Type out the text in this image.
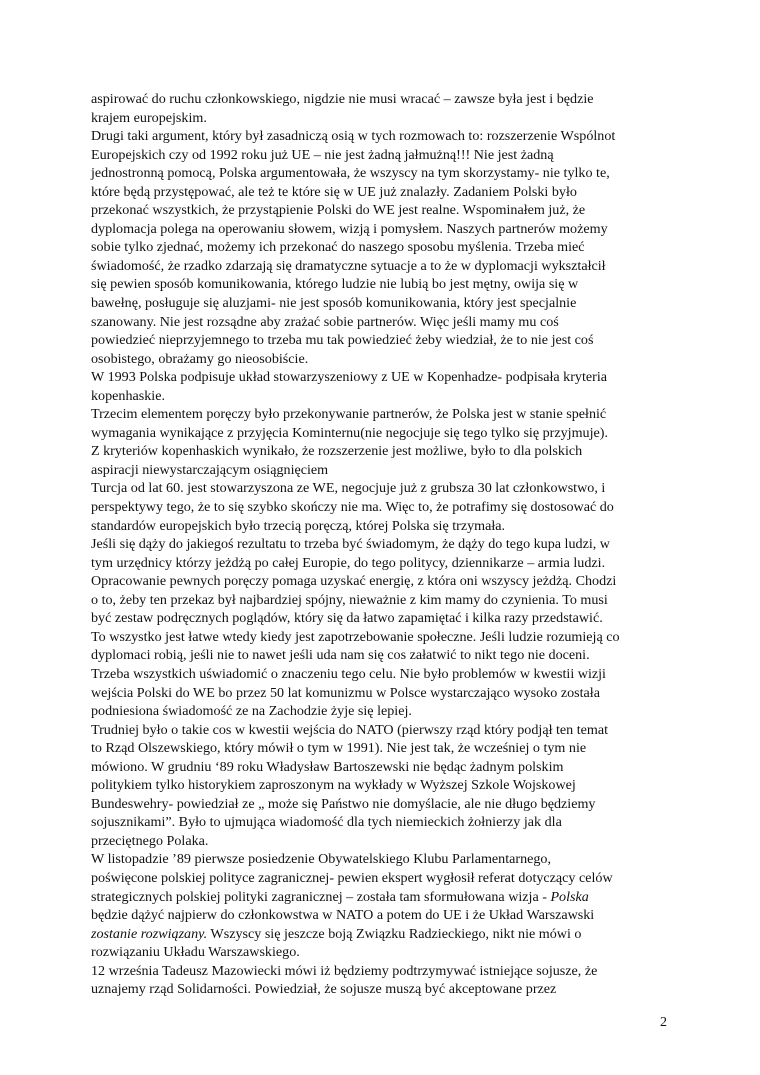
aspirować do ruchu członkowskiego, nigdzie nie musi wracać – zawsze była jest i będzie
krajem europejskim.
Drugi taki argument, który był zasadniczą osią w tych rozmowach to: rozszerzenie Wspólnot
Europejskich czy od 1992 roku już UE – nie jest żadną jałmużną!!! Nie jest żadną
jednostronną pomocą, Polska argumentowała, że wszyscy na tym skorzystamy- nie tylko te,
które będą przystępować, ale też te które się w UE już znalazły. Zadaniem Polski było
przekonać wszystkich, że przystąpienie Polski do WE jest realne. Wspominałem już, że
dyplomacja polega na operowaniu słowem, wizją i pomysłem. Naszych partnerów możemy
sobie tylko zjednać, możemy ich przekonać do naszego sposobu myślenia. Trzeba mieć
świadomość, że rzadko zdarzają się dramatyczne sytuacje a to że w dyplomacji wykształcił
się pewien sposób komunikowania, którego ludzie nie lubią bo jest mętny, owija się w
bawełnę, posługuje się aluzjami- nie jest sposób komunikowania, który jest specjalnie
szanowany. Nie jest rozsądne aby zrażać sobie partnerów. Więc jeśli mamy mu coś
powiedzieć nieprzyjemnego to trzeba mu tak powiedzieć żeby wiedział, że to nie jest coś
osobistego, obrażamy go nieosobiście.
W 1993 Polska podpisuje układ stowarzyszeniowy z UE w Kopenhadze- podpisała kryteria
kopenhaskie.
Trzecim elementem poręczy było przekonywanie partnerów, że Polska jest w stanie spełnić
wymagania wynikające z przyjęcia Kominternu(nie negocjuje się tego tylko się przyjmuje).
Z kryteriów kopenhaskich wynikało, że rozszerzenie jest możliwe, było to dla polskich
aspiracji niewystarczającym osiągnięciem
Turcja od lat 60. jest stowarzyszona ze WE, negocjuje już z grubsza 30 lat członkowstwo, i
perspektywy tego, że to się szybko skończy nie ma. Więc to, że potrafimy się dostosować do
standardów europejskich było trzecią poręczą, której Polska się trzymała.
Jeśli się dąży do jakiegoś rezultatu to trzeba być świadomym, że dąży do tego kupa ludzi, w
tym urzędnicy którzy jeżdżą po całej Europie, do tego politycy, dziennikarze – armia ludzi.
Opracowanie pewnych poręczy pomaga uzyskać energię, z która oni wszyscy jeżdżą. Chodzi
o to, żeby ten przekaz był najbardziej spójny, nieważnie z kim mamy do czynienia. To musi
być zestaw podręcznych poglądów, który się da łatwo zapamiętać i kilka razy przedstawić.
To wszystko jest łatwe wtedy kiedy jest zapotrzebowanie społeczne. Jeśli ludzie rozumieją co
dyplomaci robią, jeśli nie to nawet jeśli uda nam się cos załatwić to nikt tego nie doceni.
Trzeba wszystkich uświadomić o znaczeniu tego celu. Nie było problemów w kwestii wizji
wejścia Polski do WE bo przez 50 lat komunizmu w Polsce wystarczająco wysoko została
podniesiona świadomość ze na Zachodzie żyje się lepiej.
Trudniej było o takie cos w kwestii wejścia do NATO (pierwszy rząd który podjął ten temat
to Rząd Olszewskiego, który mówił o tym w 1991). Nie jest tak, że wcześniej o tym nie
mówiono. W grudniu ‘89 roku Władysław Bartoszewski nie będąc żadnym polskim
politykiem tylko historykiem zaproszonym na wykłady w Wyższej Szkole Wojskowej
Bundeswehry- powiedział ze „ może się Państwo nie domyślacie, ale nie długo będziemy
sojusznikami”. Było to ujmująca wiadomość dla tych niemieckich żołnierzy jak dla
przeciętnego Polaka.
W listopadzie ’89 pierwsze posiedzenie Obywatelskiego Klubu Parlamentarnego,
poświęcone polskiej polityce zagranicznej- pewien ekspert wygłosił referat dotyczący celów
strategicznych polskiej polityki zagranicznej – została tam sformułowana wizja - Polska
będzie dążyć najpierw do członkowstwa w NATO a potem do UE i że Układ Warszawski
zostanie rozwiązany. Wszyscy się jeszcze boją Związku Radzieckiego, nikt nie mówi o
rozwiązaniu Układu Warszawskiego.
12 września Tadeusz Mazowiecki mówi iż będziemy podtrzymywać istniejące sojusze, że
uznajemy rząd Solidarności. Powiedział, że sojusze muszą być akceptowane przez
2
